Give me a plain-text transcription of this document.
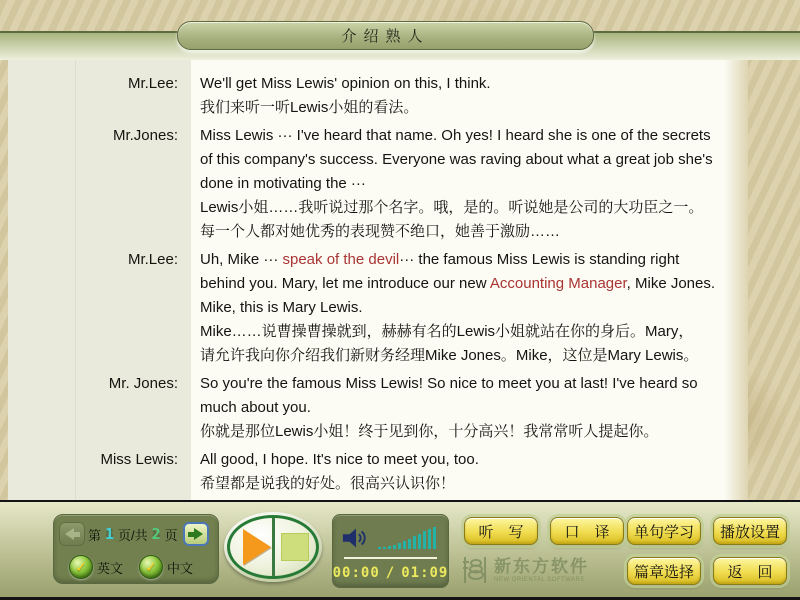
介绍熟人
Mr.Lee:	We'll get Miss Lewis' opinion on this, I think.
我们来听一听Lewis小姐的看法。
Mr.Jones:	Miss Lewis ··· I've heard that name. Oh yes! I heard she is one of the secrets
of this company's success. Everyone was raving about what a great job she's
done in motivating the ···
Lewis小姐……我听说过那个名字。哦，是的。听说她是公司的大功臣之一。
每一个人都对她优秀的表现赞不绝口，她善于激励……
Mr.Lee:	Uh, Mike ··· speak of the devil··· the famous Miss Lewis is standing right
behind you. Mary, let me introduce our new Accounting Manager, Mike Jones.
Mike, this is Mary Lewis.
Mike……说曹操曹操就到，赫赫有名的Lewis小姐就站在你的身后。Mary，
请允许我向你介绍我们新财务经理Mike Jones。Mike，这位是Mary Lewis。
Mr. Jones:	So you're the famous Miss Lewis! So nice to meet you at last! I've heard so
much about you.
你就是那位Lewis小姐！终于见到你，十分高兴！我常常听人提起你。
Miss Lewis:	All good, I hope. It's nice to meet you, too.
希望都是说我的好处。很高兴认识你！
第 8 1 页/共 8 2 页
✓ 英文 ✓ 中文	00:00 / 01:09
听　写	口　译	单句学习	播放设置
篇章选择	返　回
新东方软件
NEW ORIENTAL SOFTWARE
